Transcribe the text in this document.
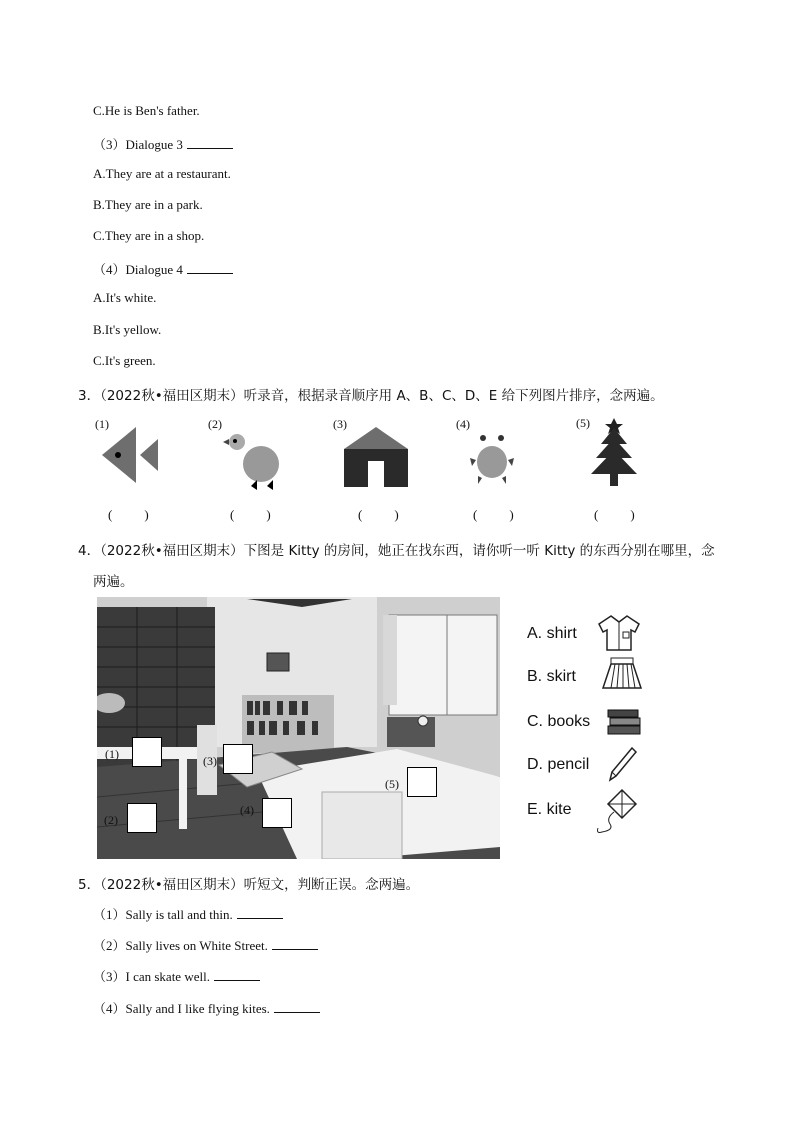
C.He is Ben's father.
（3）Dialogue 3
A.They are at a restaurant.
B.They are in a park.
C.They are in a shop.
（4）Dialogue 4
A.It's white.
B.It's yellow.
C.It's green.
3．（2022秋•福田区期末）听录音，根据录音顺序用 A、B、C、D、E 给下列图片排序，念两遍。
(1)	(2)	(3)	(4)	(5)
(　　)	(　　)	(　　)	(　　)	(　　)
4．（2022秋•福田区期末）下图是 Kitty 的房间，她正在找东西，请你听一听 Kitty 的东西分别在哪里，念
两遍。
(1)
(2)
(3)
(4)
(5)
A. shirt
B. skirt
C. books
D. pencil
E. kite
5．（2022秋•福田区期末）听短文，判断正误。念两遍。
（1）Sally is tall and thin.
（2）Sally lives on White Street.
（3）I can skate well.
（4）Sally and I like flying kites.
